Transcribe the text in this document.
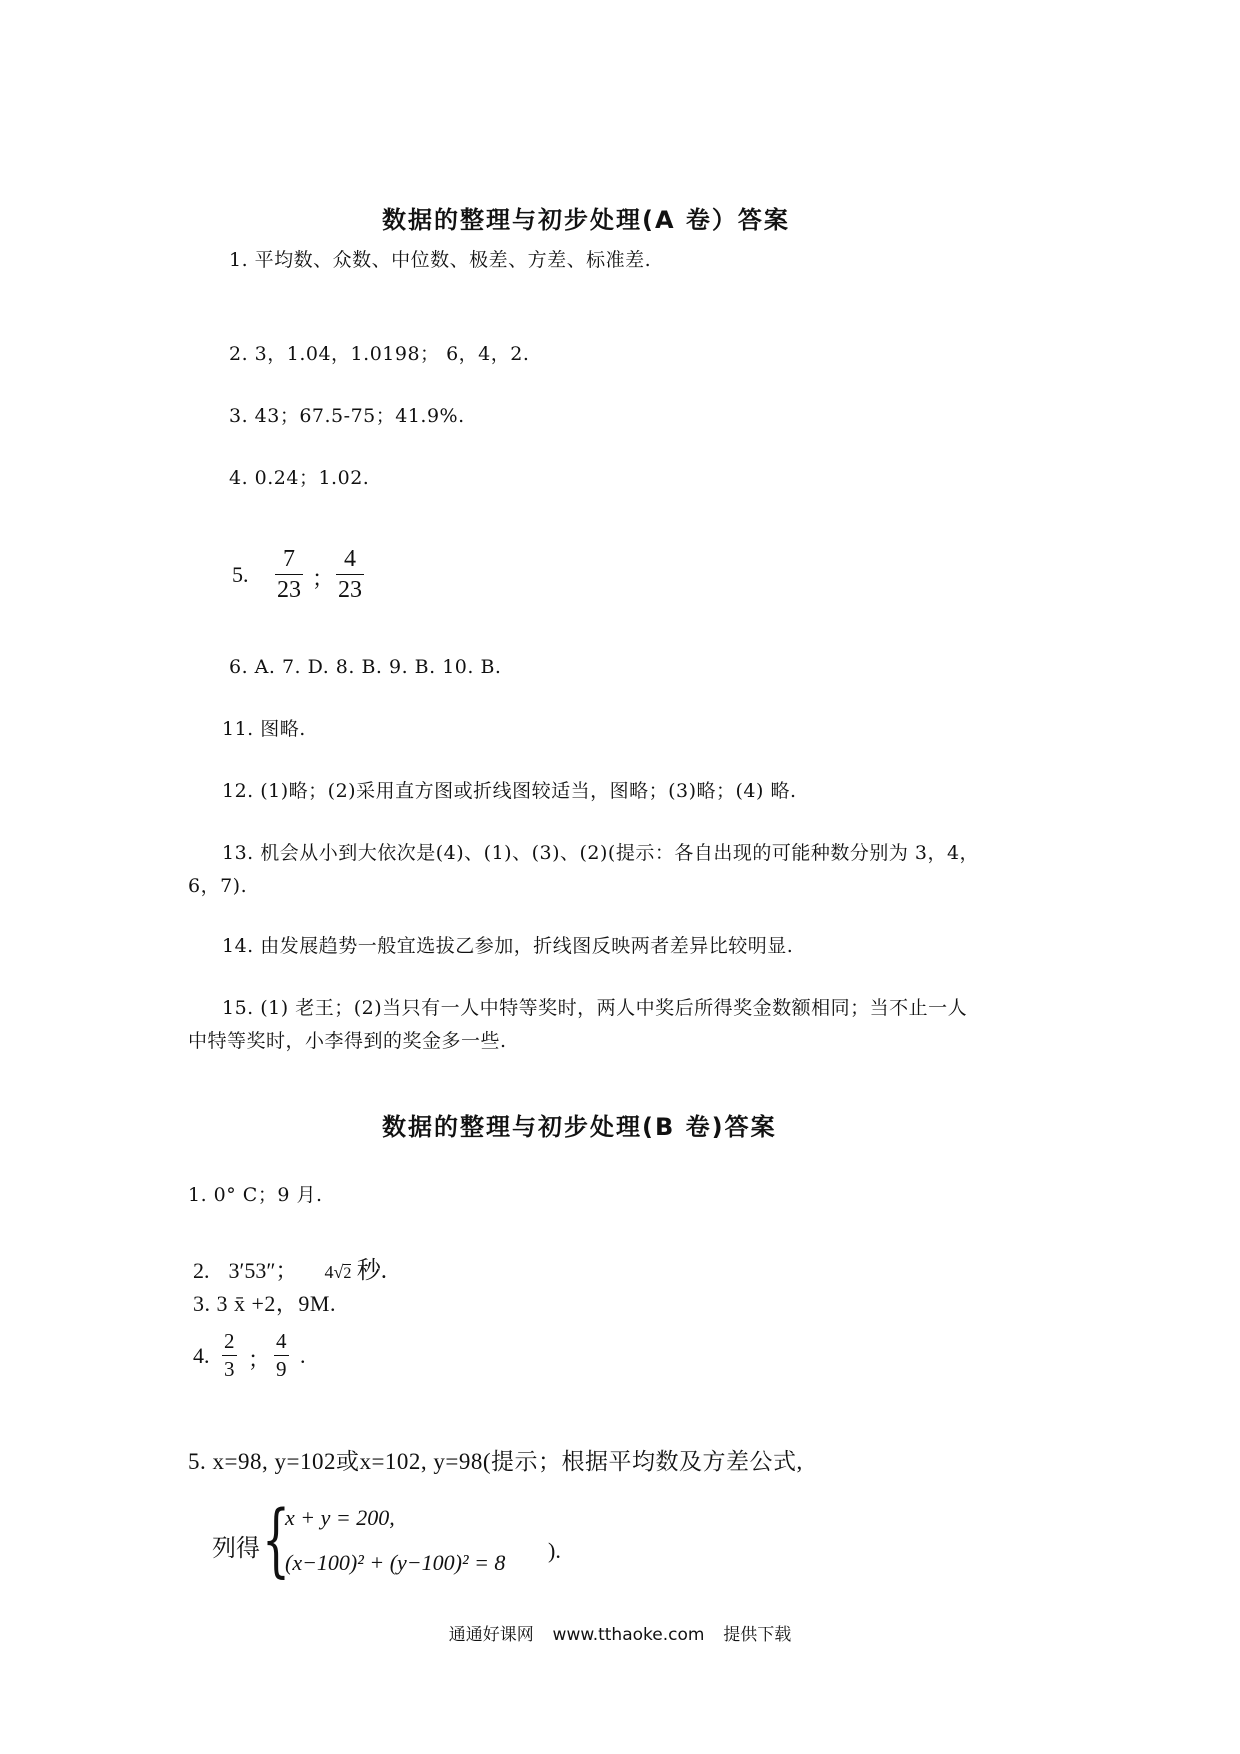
数据的整理与初步处理(A 卷）答案
1. 平均数、众数、中位数、极差、方差、标准差.
2. 3，1.04，1.0198； 6，4，2.
3. 43；67.5-75；41.9%.
4. 0.24；1.02.
5.
7
23 ；
4
23
6. A. 7. D. 8. B. 9. B. 10. B.
11. 图略.
12. (1)略；(2)采用直方图或折线图较适当，图略；(3)略；(4) 略.
13. 机会从小到大依次是(4)、(1)、(3)、(2)(提示：各自出现的可能种数分别为 3，4，
6，7).
14. 由发展趋势一般宜选拔乙参加，折线图反映两者差异比较明显.
15. (1) 老王；(2)当只有一人中特等奖时，两人中奖后所得奖金数额相同；当不止一人
中特等奖时，小李得到的奖金多一些.
数据的整理与初步处理(B 卷)答案
1. 0° C；9 月.
2. 3′53″； 4√2 秒.
3. 3 x̄ +2，9M.
4.
2
3 ；
4
9
.
5. x=98, y=102或x=102, y=98(提示；根据平均数及方差公式,
列得 {
x + y = 200,
(x−100)² + (y−100)² = 8 ).
通通好课网 www.tthaoke.com 提供下载
